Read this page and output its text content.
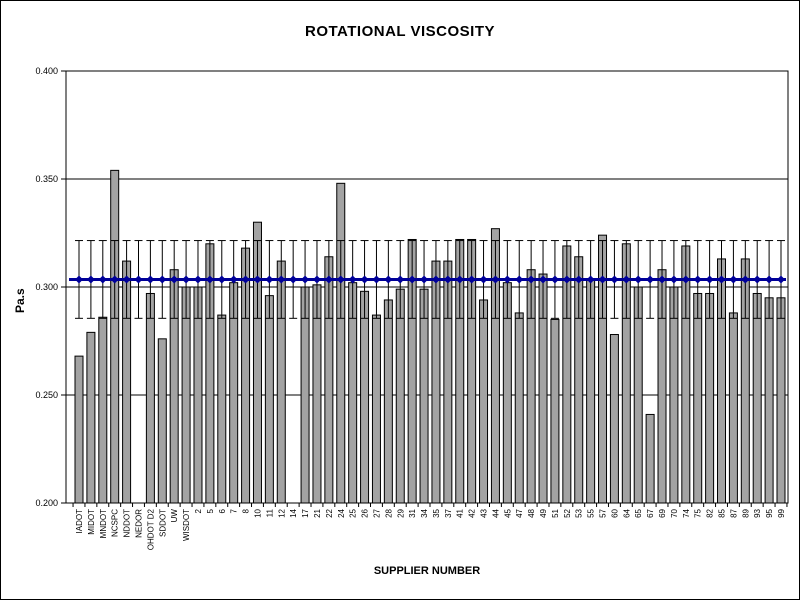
ROTATIONAL VISCOSITY
Pa.s
0.200
0.250
0.300
0.350
0.400
IADOT MIDOT MNDOT NCSPC NDDOT NEDOR OHDOT D2 SDDOT UW WISDOT 2 5 6 7 8 10 11 12 14 17 21 22 24 25 26 27 28 29 31 34 35 37 41 42 43 44 45 47 48 49 51 52 53 55 57 60 64 65 67 69 70 74 75 82 85 87 89 93 95 99
SUPPLIER NUMBER
